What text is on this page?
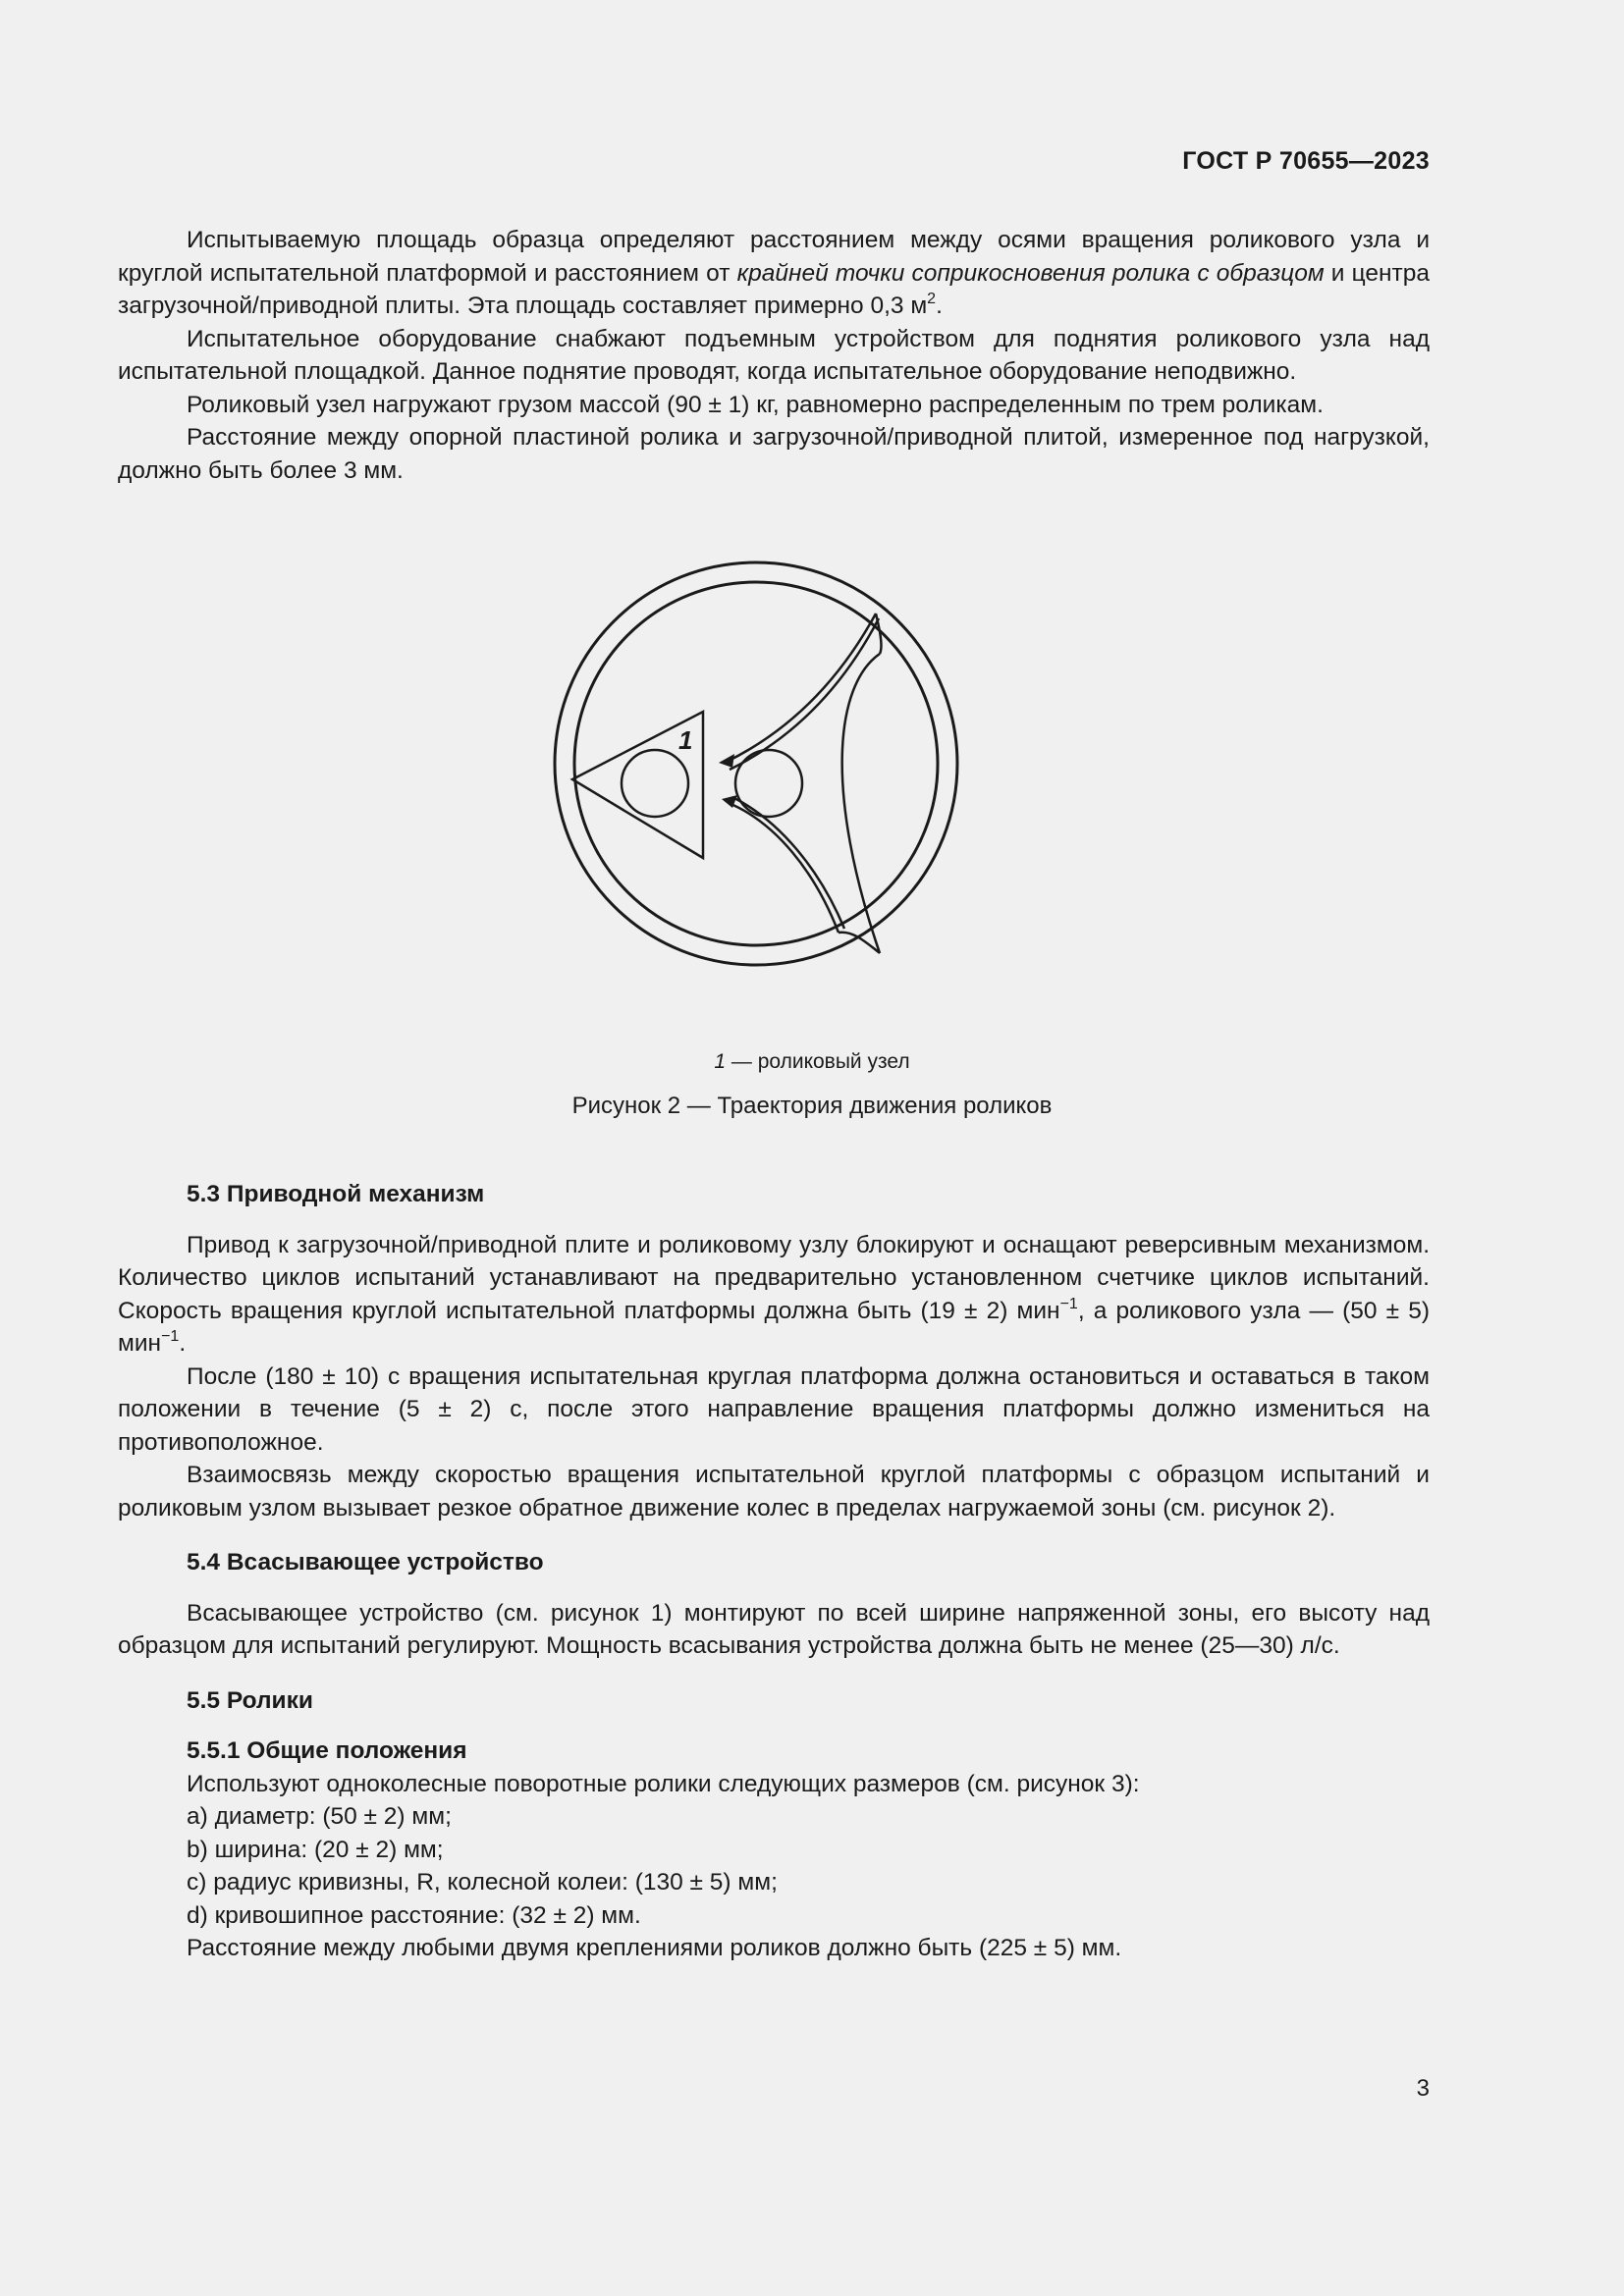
ГОСТ Р 70655—2023

Испытываемую площадь образца определяют расстоянием между осями вращения роликового узла и круглой испытательной платформой и расстоянием от крайней точки соприкосновения ролика с образцом и центра загрузочной/приводной плиты. Эта площадь составляет примерно 0,3 $м^2$.

Испытательное оборудование снабжают подъемным устройством для поднятия роликового узла над испытательной площадкой. Данное поднятие проводят, когда испытательное оборудование неподвижно.

Роликовый узел нагружают грузом массой (90 ± 1) кг, равномерно распределенным по трем роликам.

Расстояние между опорной пластиной ролика и загрузочной/приводной плитой, измеренное под нагрузкой, должно быть более 3 мм.

1
1 — роликовый узел
Рисунок 2 — Траектория движения роликов
5.3 Приводной механизм

Привод к загрузочной/приводной плите и роликовому узлу блокируют и оснащают реверсивным механизмом. Количество циклов испытаний устанавливают на предварительно установленном счетчике циклов испытаний. Скорость вращения круглой испытательной платформы должна быть (19 ± 2) мин$^{-1}$, а роликового узла — (50 ± 5) мин$^{-1}$.

После (180 ± 10) с вращения испытательная круглая платформа должна остановиться и оставаться в таком положении в течение (5 ± 2) с, после этого направление вращения платформы должно измениться на противоположное.

Взаимосвязь между скоростью вращения испытательной круглой платформы с образцом испытаний и роликовым узлом вызывает резкое обратное движение колес в пределах нагружаемой зоны (см. рисунок 2).

5.4 Всасывающее устройство

Всасывающее устройство (см. рисунок 1) монтируют по всей ширине напряженной зоны, его высоту над образцом для испытаний регулируют. Мощность всасывания устройства должна быть не менее (25—30) л/с.

5.5 Ролики
5.5.1 Общие положения

Используют одноколесные поворотные ролики следующих размеров (см. рисунок 3):

a) диаметр: (50 ± 2) мм;

b) ширина: (20 ± 2) мм;

c) радиус кривизны, R, колесной колеи: (130 ± 5) мм;

d) кривошипное расстояние: (32 ± 2) мм.

Расстояние между любыми двумя креплениями роликов должно быть (225 ± 5) мм.

3
